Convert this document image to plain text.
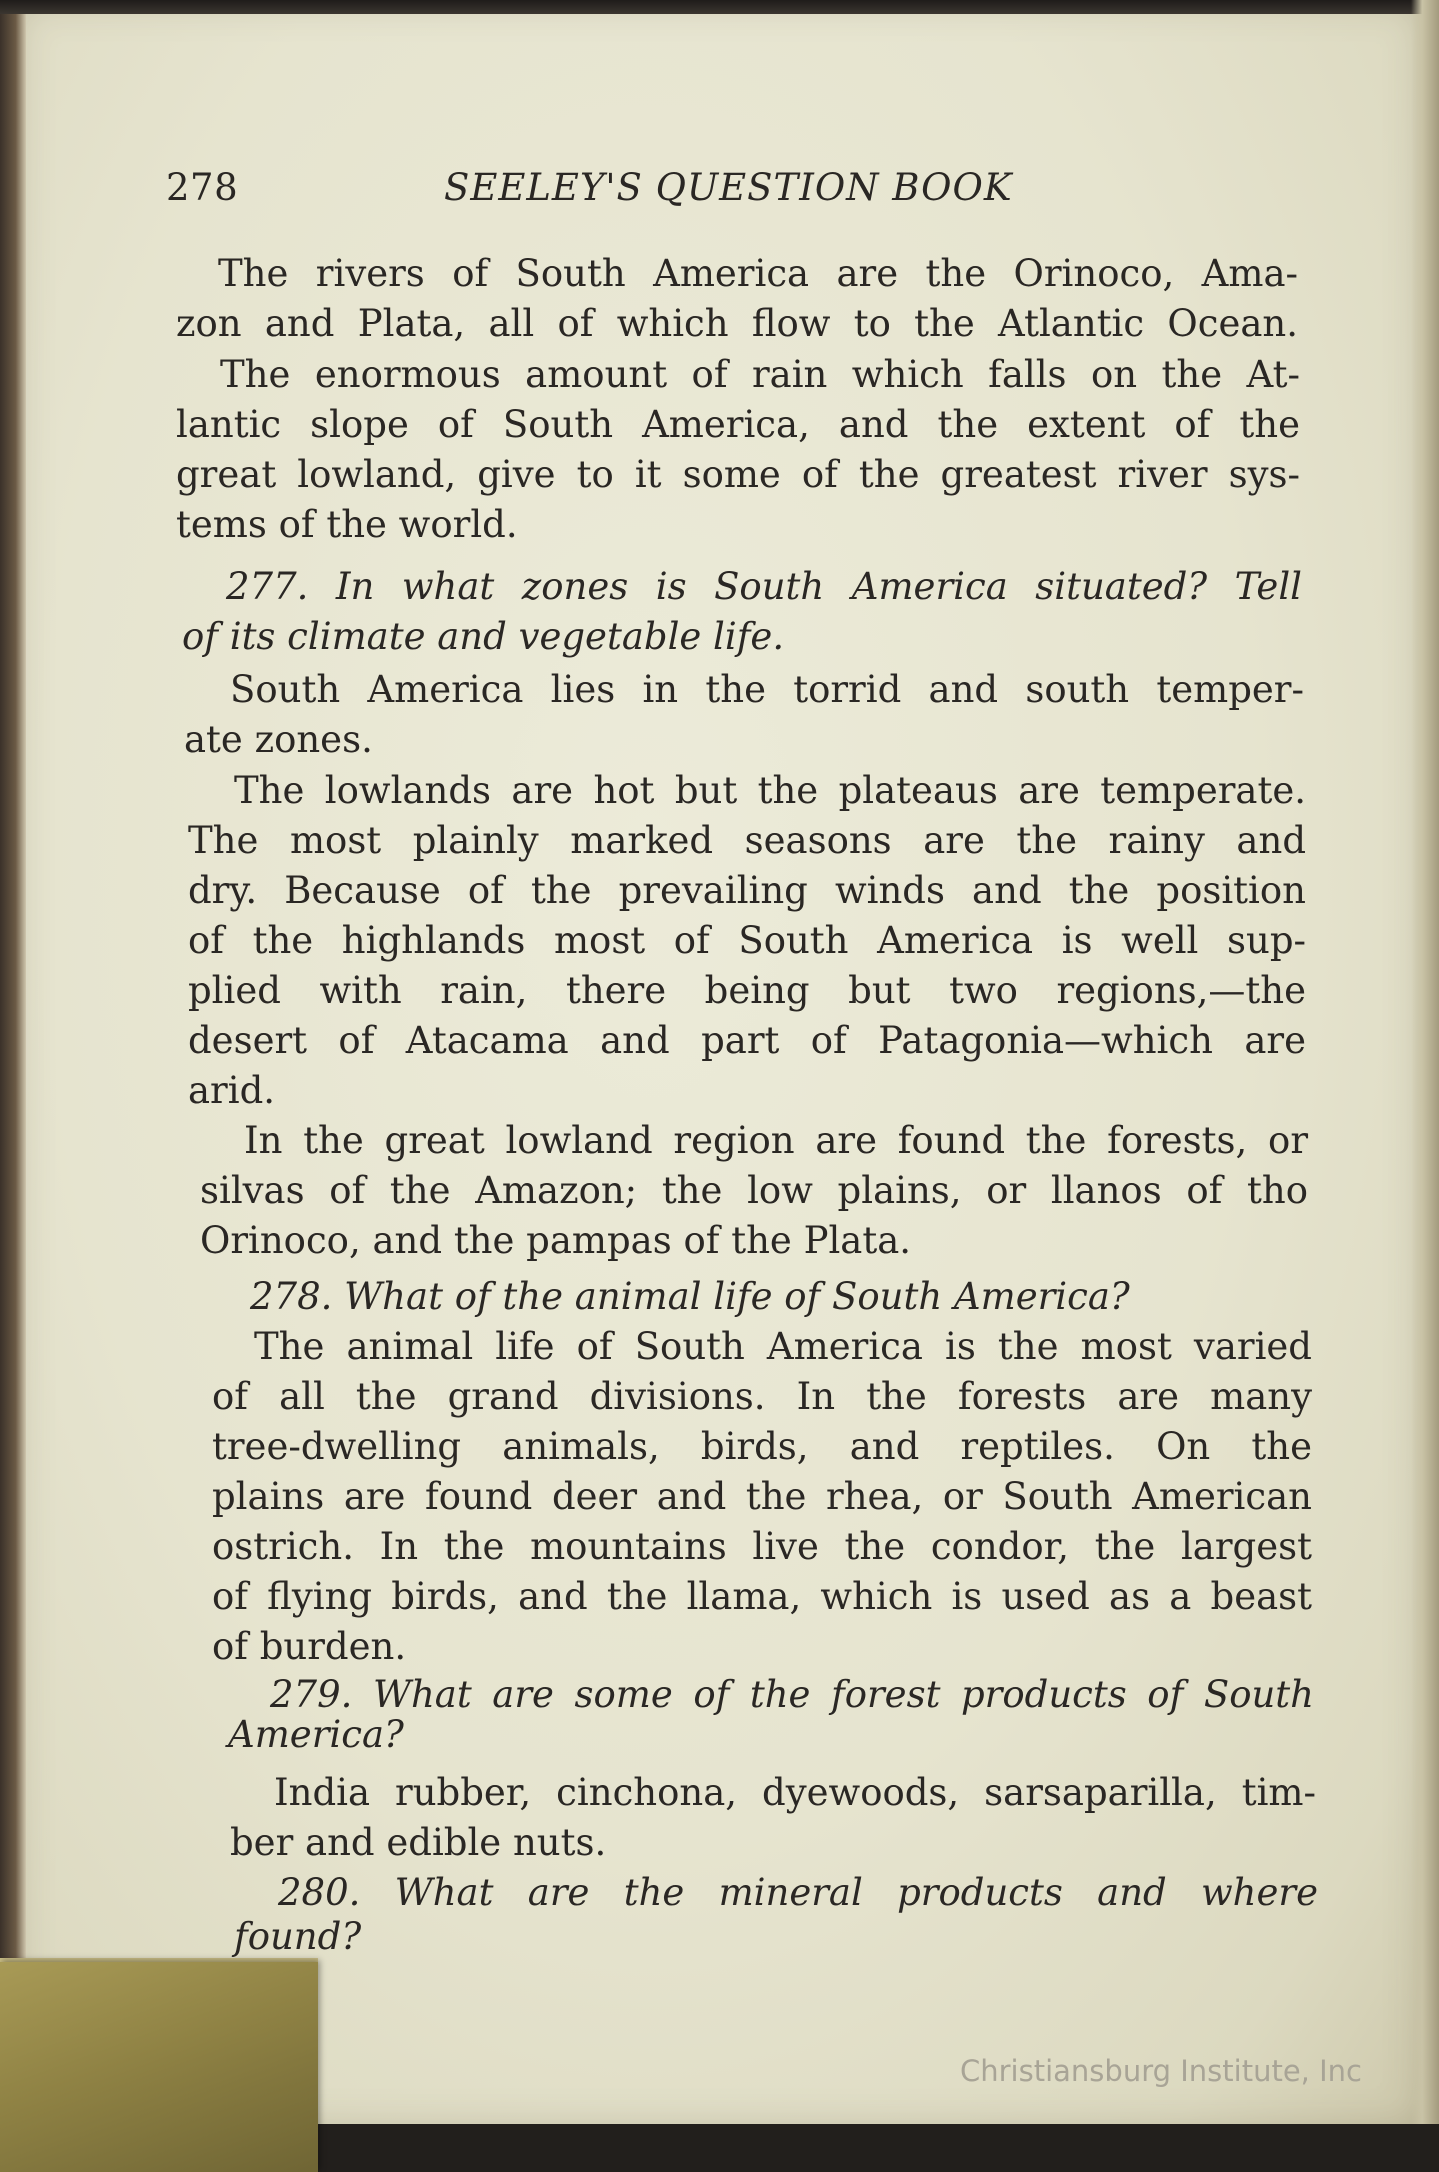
278	SEELEY'S QUESTION BOOK
The rivers of South America are the Orinoco, Ama-
zon and Plata, all of which flow to the Atlantic Ocean.
The enormous amount of rain which falls on the At-
lantic slope of South America, and the extent of the
great lowland, give to it some of the greatest river sys-
tems of the world.
277. In what zones is South America situated? Tell
of its climate and vegetable life.
South America lies in the torrid and south temper-
ate zones.
The lowlands are hot but the plateaus are temperate.
The most plainly marked seasons are the rainy and
dry. Because of the prevailing winds and the position
of the highlands most of South America is well sup-
plied with rain, there being but two regions,—the
desert of Atacama and part of Patagonia—which are
arid.
In the great lowland region are found the forests, or
silvas of the Amazon; the low plains, or llanos of tho
Orinoco, and the pampas of the Plata.
278. What of the animal life of South America?
The animal life of South America is the most varied
of all the grand divisions. In the forests are many
tree-dwelling animals, birds, and reptiles. On the
plains are found deer and the rhea, or South American
ostrich. In the mountains live the condor, the largest
of flying birds, and the llama, which is used as a beast
of burden.
279. What are some of the forest products of South
America?
India rubber, cinchona, dyewoods, sarsaparilla, tim-
ber and edible nuts.
280. What are the mineral products and where
found?
Christiansburg Institute, Inc
